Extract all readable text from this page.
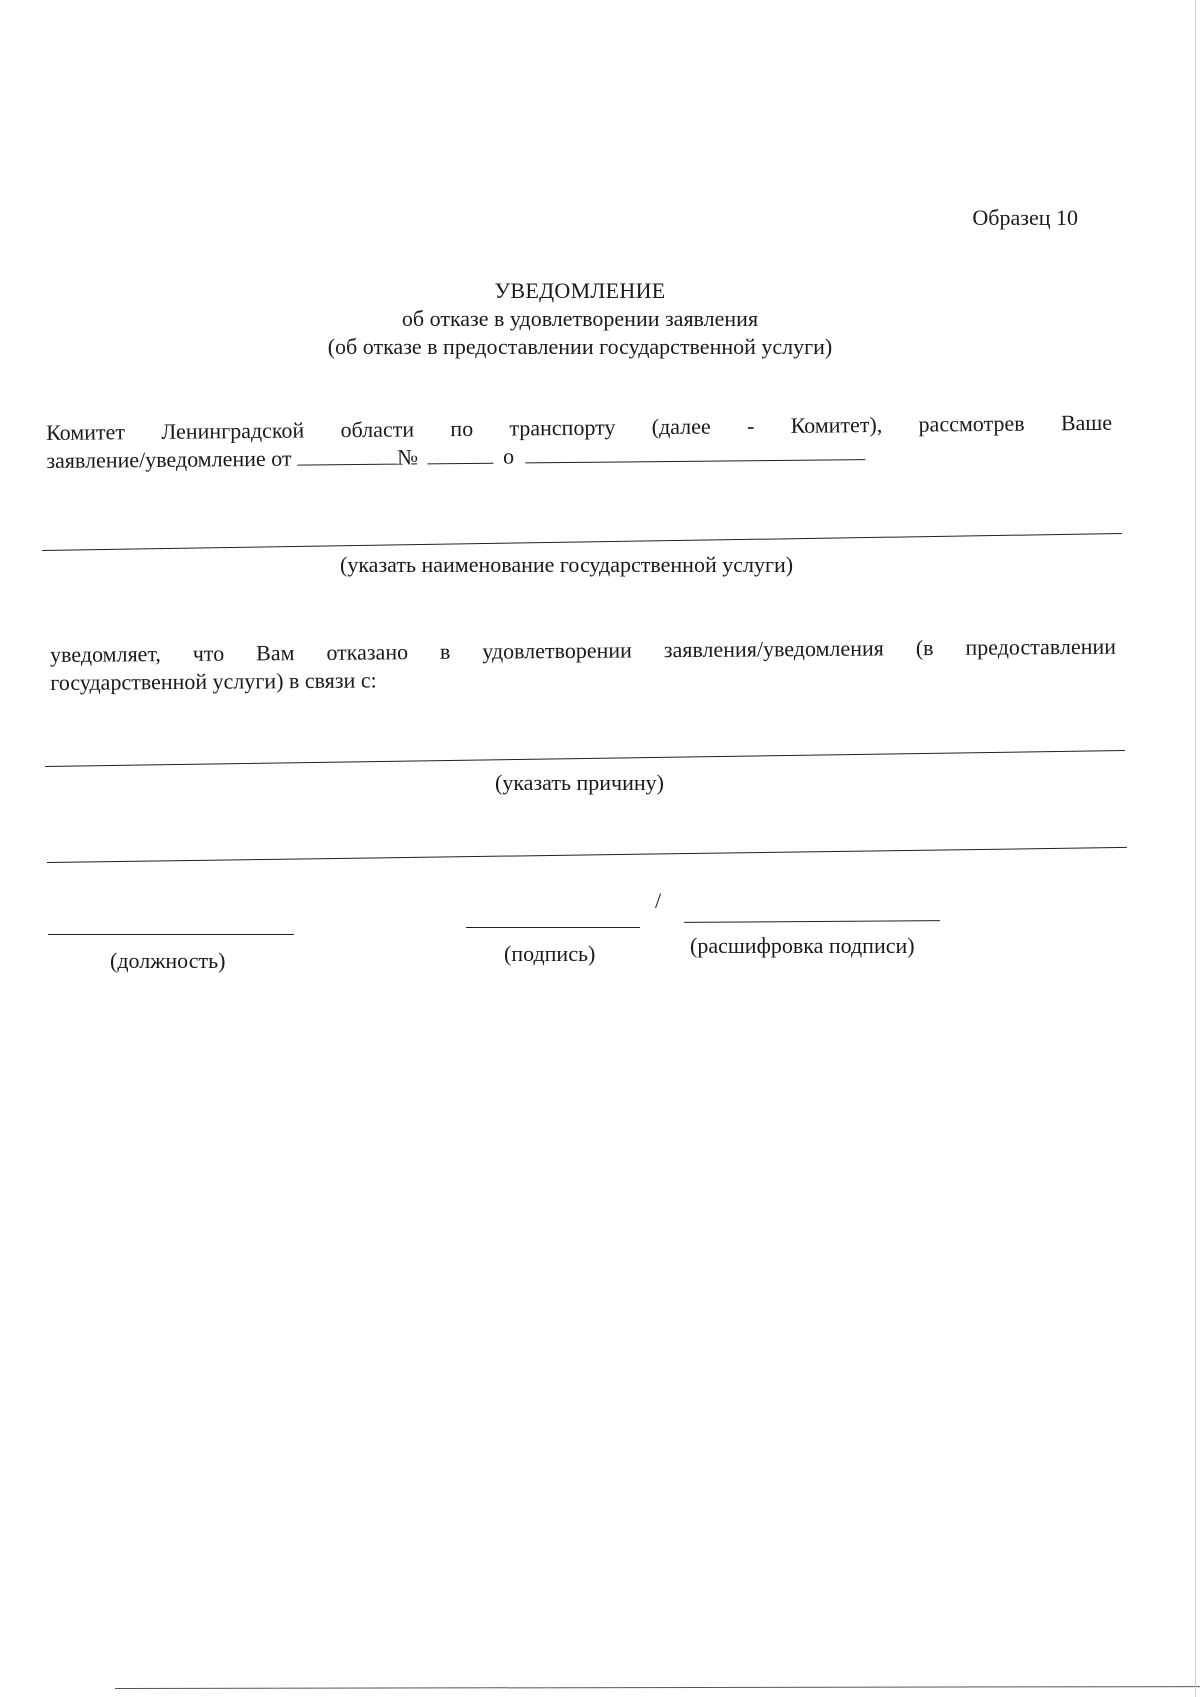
Образец 10
УВЕДОМЛЕНИЕ
об отказе в удовлетворении заявления
(об отказе в предоставлении государственной услуги)
Комитет Ленинградской области по транспорту (далее - Комитет), рассмотрев Ваше
заявление/уведомление от	№	о
(указать наименование государственной услуги)
уведомляет, что Вам отказано в удовлетворении заявления/уведомления (в предоставлении
государственной услуги) в связи с:
(указать причину)
/
(должность)	(подпись)	(расшифровка подписи)
